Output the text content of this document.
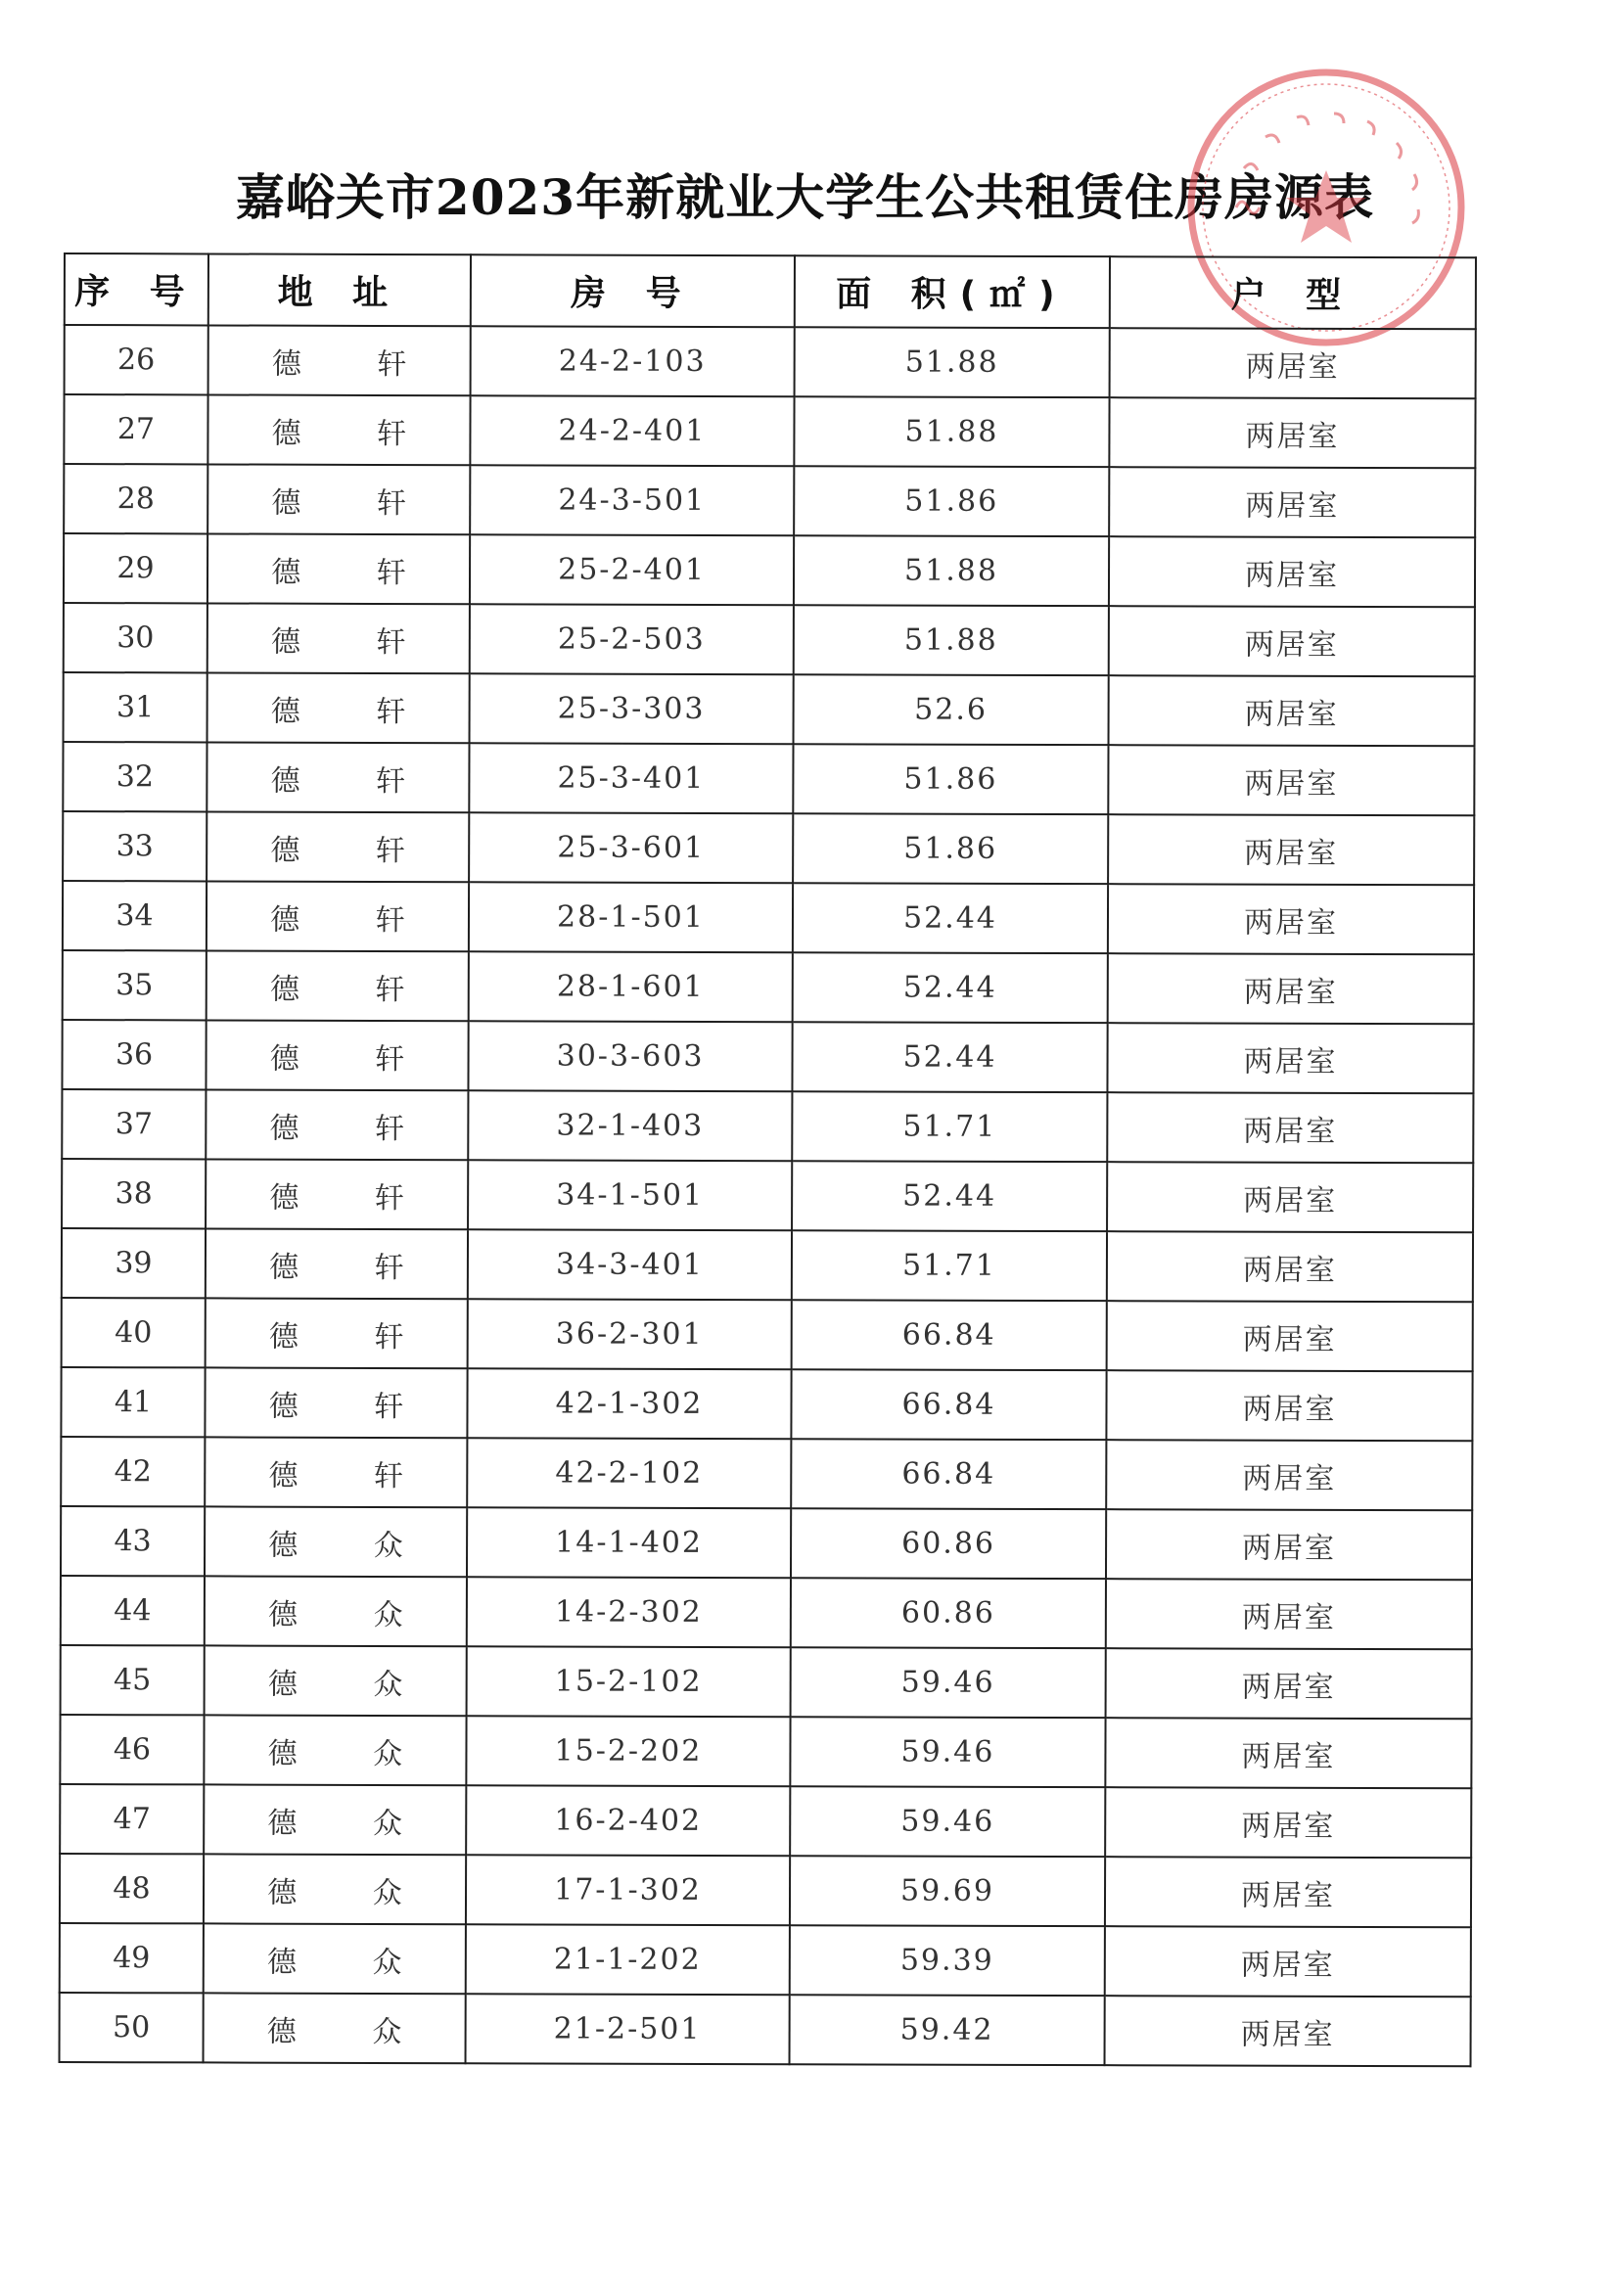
嘉峪关市2023年新就业大学生公共租赁住房房源表
序 号	地 址	房 号	面 积(㎡)	户 型
26	德 轩	24-2-103	51.88	两居室
27	德 轩	24-2-401	51.88	两居室
28	德 轩	24-3-501	51.86	两居室
29	德 轩	25-2-401	51.88	两居室
30	德 轩	25-2-503	51.88	两居室
31	德 轩	25-3-303	52.6	两居室
32	德 轩	25-3-401	51.86	两居室
33	德 轩	25-3-601	51.86	两居室
34	德 轩	28-1-501	52.44	两居室
35	德 轩	28-1-601	52.44	两居室
36	德 轩	30-3-603	52.44	两居室
37	德 轩	32-1-403	51.71	两居室
38	德 轩	34-1-501	52.44	两居室
39	德 轩	34-3-401	51.71	两居室
40	德 轩	36-2-301	66.84	两居室
41	德 轩	42-1-302	66.84	两居室
42	德 轩	42-2-102	66.84	两居室
43	德 众	14-1-402	60.86	两居室
44	德 众	14-2-302	60.86	两居室
45	德 众	15-2-102	59.46	两居室
46	德 众	15-2-202	59.46	两居室
47	德 众	16-2-402	59.46	两居室
48	德 众	17-1-302	59.69	两居室
49	德 众	21-1-202	59.39	两居室
50	德 众	21-2-501	59.42	两居室
